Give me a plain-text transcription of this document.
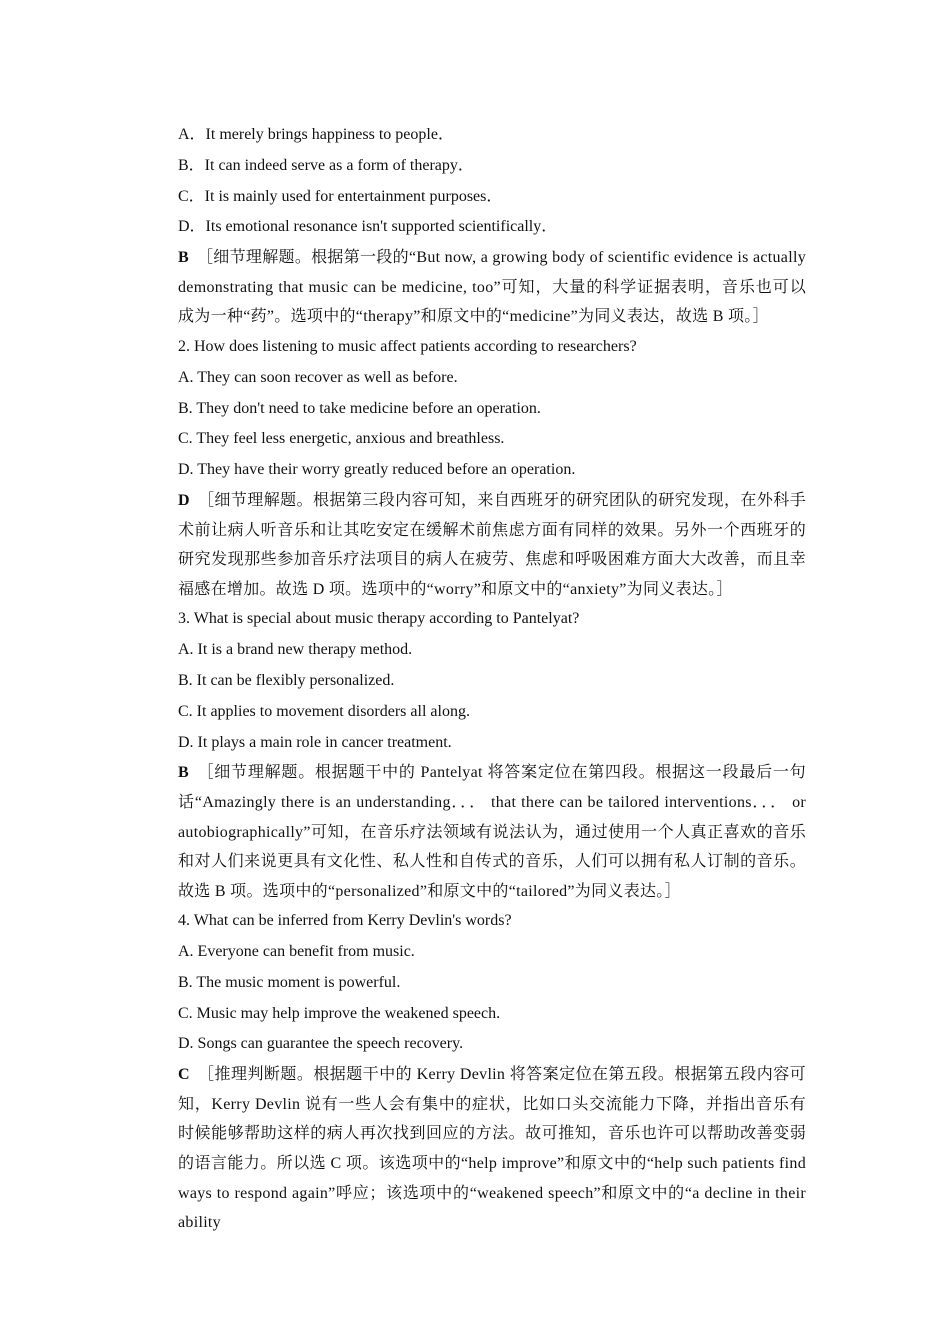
A．It merely brings happiness to people．
B．It can indeed serve as a form of therapy．
C．It is mainly used for entertainment purposes．
D．Its emotional resonance isn't supported scientifically．

B ［细节理解题。根据第一段的“But now, a growing body of scientific evidence is actually demonstrating that music can be medicine, too”可知，大量的科学证据表明，音乐也可以成为一种“药”。选项中的“therapy”和原文中的“medicine”为同义表达，故选 B 项。］

2. How does listening to music affect patients according to researchers?
A. They can soon recover as well as before.
B. They don't need to take medicine before an operation.
C. They feel less energetic, anxious and breathless.
D. They have their worry greatly reduced before an operation.

D ［细节理解题。根据第三段内容可知，来自西班牙的研究团队的研究发现，在外科手术前让病人听音乐和让其吃安定在缓解术前焦虑方面有同样的效果。另外一个西班牙的研究发现那些参加音乐疗法项目的病人在疲劳、焦虑和呼吸困难方面大大改善，而且幸福感在增加。故选 D 项。选项中的“worry”和原文中的“anxiety”为同义表达。］

3. What is special about music therapy according to Pantelyat?
A. It is a brand new therapy method.
B. It can be flexibly personalized.
C. It applies to movement disorders all along.
D. It plays a main role in cancer treatment.

B ［细节理解题。根据题干中的 Pantelyat 将答案定位在第四段。根据这一段最后一句话“Amazingly there is an understanding．．． that there can be tailored interventions．．． or autobiographically”可知，在音乐疗法领域有说法认为，通过使用一个人真正喜欢的音乐和对人们来说更具有文化性、私人性和自传式的音乐，人们可以拥有私人订制的音乐。故选 B 项。选项中的“personalized”和原文中的“tailored”为同义表达。］

4. What can be inferred from Kerry Devlin's words?
A. Everyone can benefit from music.
B. The music moment is powerful.
C. Music may help improve the weakened speech.
D. Songs can guarantee the speech recovery.

C ［推理判断题。根据题干中的 Kerry Devlin 将答案定位在第五段。根据第五段内容可知，Kerry Devlin 说有一些人会有集中的症状，比如口头交流能力下降，并指出音乐有时候能够帮助这样的病人再次找到回应的方法。故可推知，音乐也许可以帮助改善变弱的语言能力。所以选 C 项。该选项中的“help improve”和原文中的“help such patients find ways to respond again”呼应；该选项中的“weakened speech”和原文中的“a decline in their ability
